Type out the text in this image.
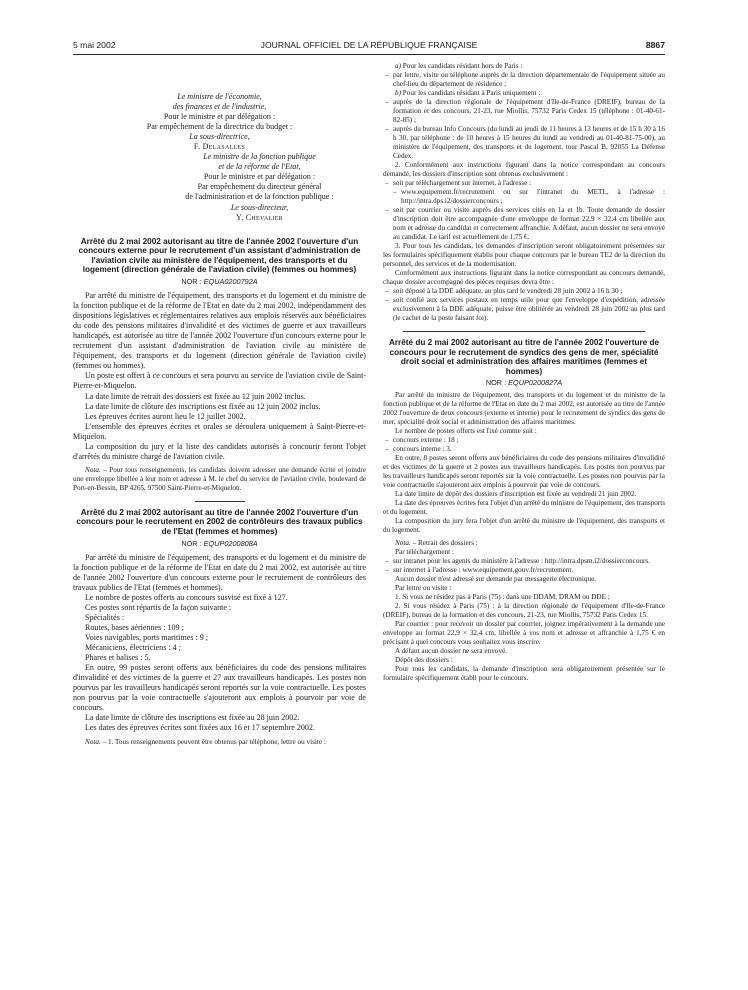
5 mai 2002	JOURNAL OFFICIEL DE LA RÉPUBLIQUE FRANÇAISE	8867
Le ministre de l'économie,
des finances et de l'industrie,
Pour le ministre et par délégation :
Par empêchement de la directrice du budget :
La sous-directrice,
F. Delasalles
Le ministre de la fonction publique
et de la réforme de l'Etat,
Pour le ministre et par délégation :
Par empêchement du directeur général
de l'administration et de la fonction publique :
Le sous-directeur,
Y. Chevalier
Arrêté du 2 mai 2002 autorisant au titre de l'année 2002 l'ouverture d'un concours externe pour le recrutement d'un assistant d'administration de l'aviation civile au ministère de l'équipement, des transports et du logement (direction générale de l'aviation civile) (femmes ou hommes)
NOR : EQUA0200792A

Par arrêté du ministre de l'équipement, des transports et du logement et du ministre de la fonction publique et de la réforme de l'Etat en date du 2 mai 2002, indépendamment des dispositions législatives et réglementaires relatives aux emplois réservés aux bénéficiaires du code des pensions militaires d'invalidité et des victimes de guerre et aux travailleurs handicapés, est autorisée au titre de l'année 2002 l'ouverture d'un concours externe pour le recrutement d'un assistant d'administration de l'aviation civile au ministère de l'équipement, des transports et du logement (direction générale de l'aviation civile) (femmes ou hommes).

Un poste est offert à ce concours et sera pourvu au service de l'aviation civile de Saint-Pierre-et-Miquelon.

La date limite de retrait des dossiers est fixée au 12 juin 2002 inclus.

La date limite de clôture des inscriptions est fixée au 12 juin 2002 inclus.

Les épreuves écrites auront lieu le 12 juillet 2002.

L'ensemble des épreuves écrites et orales se déroulera uniquement à Saint-Pierre-et-Miquelon.

La composition du jury et la liste des candidats autorisés à concourir feront l'objet d'arrêtés du ministre chargé de l'aviation civile.

Nota. – Pour tous renseignements, les candidats doivent adresser une demande écrite et joindre une enveloppe libellée à leur nom et adresse à M. le chef du service de l'aviation civile, boulevard de Port-en-Bessin, BP 4265, 97500 Saint-Pierre-et-Miquelon.

Arrêté du 2 mai 2002 autorisant au titre de l'année 2002 l'ouverture d'un concours pour le recrutement en 2002 de contrôleurs des travaux publics de l'Etat (femmes et hommes)
NOR : EQUP0200808A

Par arrêté du ministre de l'équipement, des transports et du logement et du ministre de la fonction publique et de la réforme de l'Etat en date du 2 mai 2002, est autorisée au titre de l'année 2002 l'ouverture d'un concours externe pour le recrutement de contrôleurs des travaux publics de l'Etat (femmes et hommes).

Le nombre de postes offerts au concours susvisé est fixé à 127.

Ces postes sont répartis de la façon suivante :

Spécialités :

Routes, bases aériennes : 109 ;

Voies navigables, ports maritimes : 9 ;

Mécaniciens, électriciens : 4 ;

Phares et balises : 5.

En outre, 99 postes seront offerts aux bénéficiaires du code des pensions militaires d'invalidité et des victimes de la guerre et 27 aux travailleurs handicapés. Les postes non pourvus par les travailleurs handicapés seront reportés sur la voie contractuelle. Les postes non pourvus par la voie contractuelle s'ajouteront aux emplois à pourvoir par voie de concours.

La date limite de clôture des inscriptions est fixée au 28 juin 2002.

Les dates des épreuves écrites sont fixées aux 16 et 17 septembre 2002.

Nota. – 1. Tous renseignements peuvent être obtenus par téléphone, lettre ou visite :

a) Pour les candidats résidant hors de Paris :

– par lettre, visite ou téléphone auprès de la direction départementale de l'équipement située au chef-lieu du département de résidence ;

b) Pour les candidats résidant à Paris uniquement :

– auprès de la direction régionale de l'équipement d'Ile-de-France (DREIF), bureau de la formation et des concours, 21-23, rue Miollis, 75732 Paris Cedex 15 (téléphone : 01-40-61-82-85) ;
– auprès du bureau Info Concours (du lundi au jeudi de 11 heures à 13 heures et de 15 h 30 à 16 h 30, par téléphone : de 10 heures à 15 heures du lundi au vendredi au 01-40-81-75-00), au ministère de l'équipement, des transports et du logement, tour Pascal B, 92055 La Défense Cedex.

2. Conformément aux instructions figurant dans la notice correspondant au concours demandé, les dossiers d'inscription sont obtenus exclusivement :

– soit par téléchargement sur internet, à l'adresse :
– www.equipement.fr/recrutement ou sur l'intranet du METL, à l'adresse : http://intra.dps.i2/dossierconcours ;
– soit par courrier ou visite auprès des services cités en 1a et 1b. Toute demande de dossier d'inscription doit être accompagnée d'une enveloppe de format 22,9 × 32,4 cm libellée aux nom et adresse du candidat et correctement affranchie. A défaut, aucun dossier ne sera envoyé au candidat. Le tarif est actuellement de 1,75 €.

3. Pour tous les candidats, les demandes d'inscription seront obligatoirement présentées sur les formulaires spécifiquement établis pour chaque concours par le bureau TE2 de la direction du personnel, des services et de la modernisation.

Conformément aux instructions figurant dans la notice correspondant au concours demandé, chaque dossier accompagné des pièces requises devra être :

– soit déposé à la DDE adéquate, au plus tard le vendredi 28 juin 2002 à 16 h 30 ;
– soit confié aux services postaux en temps utile pour que l'enveloppe d'expédition, adressée exclusivement à la DDE adéquate, puisse être oblitérée au vendredi 28 juin 2002 au plus tard (le cachet de la poste faisant foi).
Arrêté du 2 mai 2002 autorisant au titre de l'année 2002 l'ouverture de concours pour le recrutement de syndics des gens de mer, spécialité droit social et administration des affaires maritimes (femmes et hommes)
NOR : EQUP0200827A

Par arrêté du ministre de l'équipement, des transports et du logement et du ministre de la fonction publique et de la réforme de l'Etat en date du 2 mai 2002, est autorisée au titre de l'année 2002 l'ouverture de deux concours (externe et interne) pour le recrutement de syndics des gens de mer, spécialité droit social et administration des affaires maritimes.

Le nombre de postes offerts est fixé comme suit :

– concours externe : 18 ;
– concours interne : 3.

En outre, 8 postes seront offerts aux bénéficiaires du code des pensions militaires d'invalidité et des victimes de la guerre et 2 postes aux travailleurs handicapés. Les postes non pourvus par les travailleurs handicapés seront reportés sur la voie contractuelle. Les postes non pourvus par la voie contractuelle s'ajouteront aux emplois à pourvoir par voie de concours.

La date limite de dépôt des dossiers d'inscription est fixée au vendredi 21 juin 2002.

La date des épreuves écrites fera l'objet d'un arrêté du ministre de l'équipement, des transports et du logement.

La composition du jury fera l'objet d'un arrêté du ministre de l'équipement, des transports et du logement.

Nota. – Retrait des dossiers :

Par téléchargement :

– sur intranet pour les agents du ministère à l'adresse : http://intra.dpsm.i2/dossierconcours.
– sur internet à l'adresse : www.equipement.gouv.fr/recrutement.

Aucun dossier n'est adressé sur demande par messagerie électronique.

Par lettre ou visite :

1. Si vous ne résidez pas à Paris (75) : dans une DDAM, DRAM ou DDE ;

2. Si vous résidez à Paris (75) : à la direction régionale de l'équipement d'Ile-de-France (DREIF), bureau de la formation et des concours, 21-23, rue Miollis, 75732 Paris Cedex 15.

Par courrier : pour recevoir un dossier par courrier, joignez impérativement à la demande une enveloppe au format 22,9 × 32,4 cm, libellée à vos nom et adresse et affranchie à 1,75 € en précisant à quel concours vous souhaitez vous inscrire.

A défaut aucun dossier ne sera envoyé.

Dépôt des dossiers :

Pour tous les candidats, la demande d'inscription sera obligatoirement présentée sur le formulaire spécifiquement établi pour le concours.
